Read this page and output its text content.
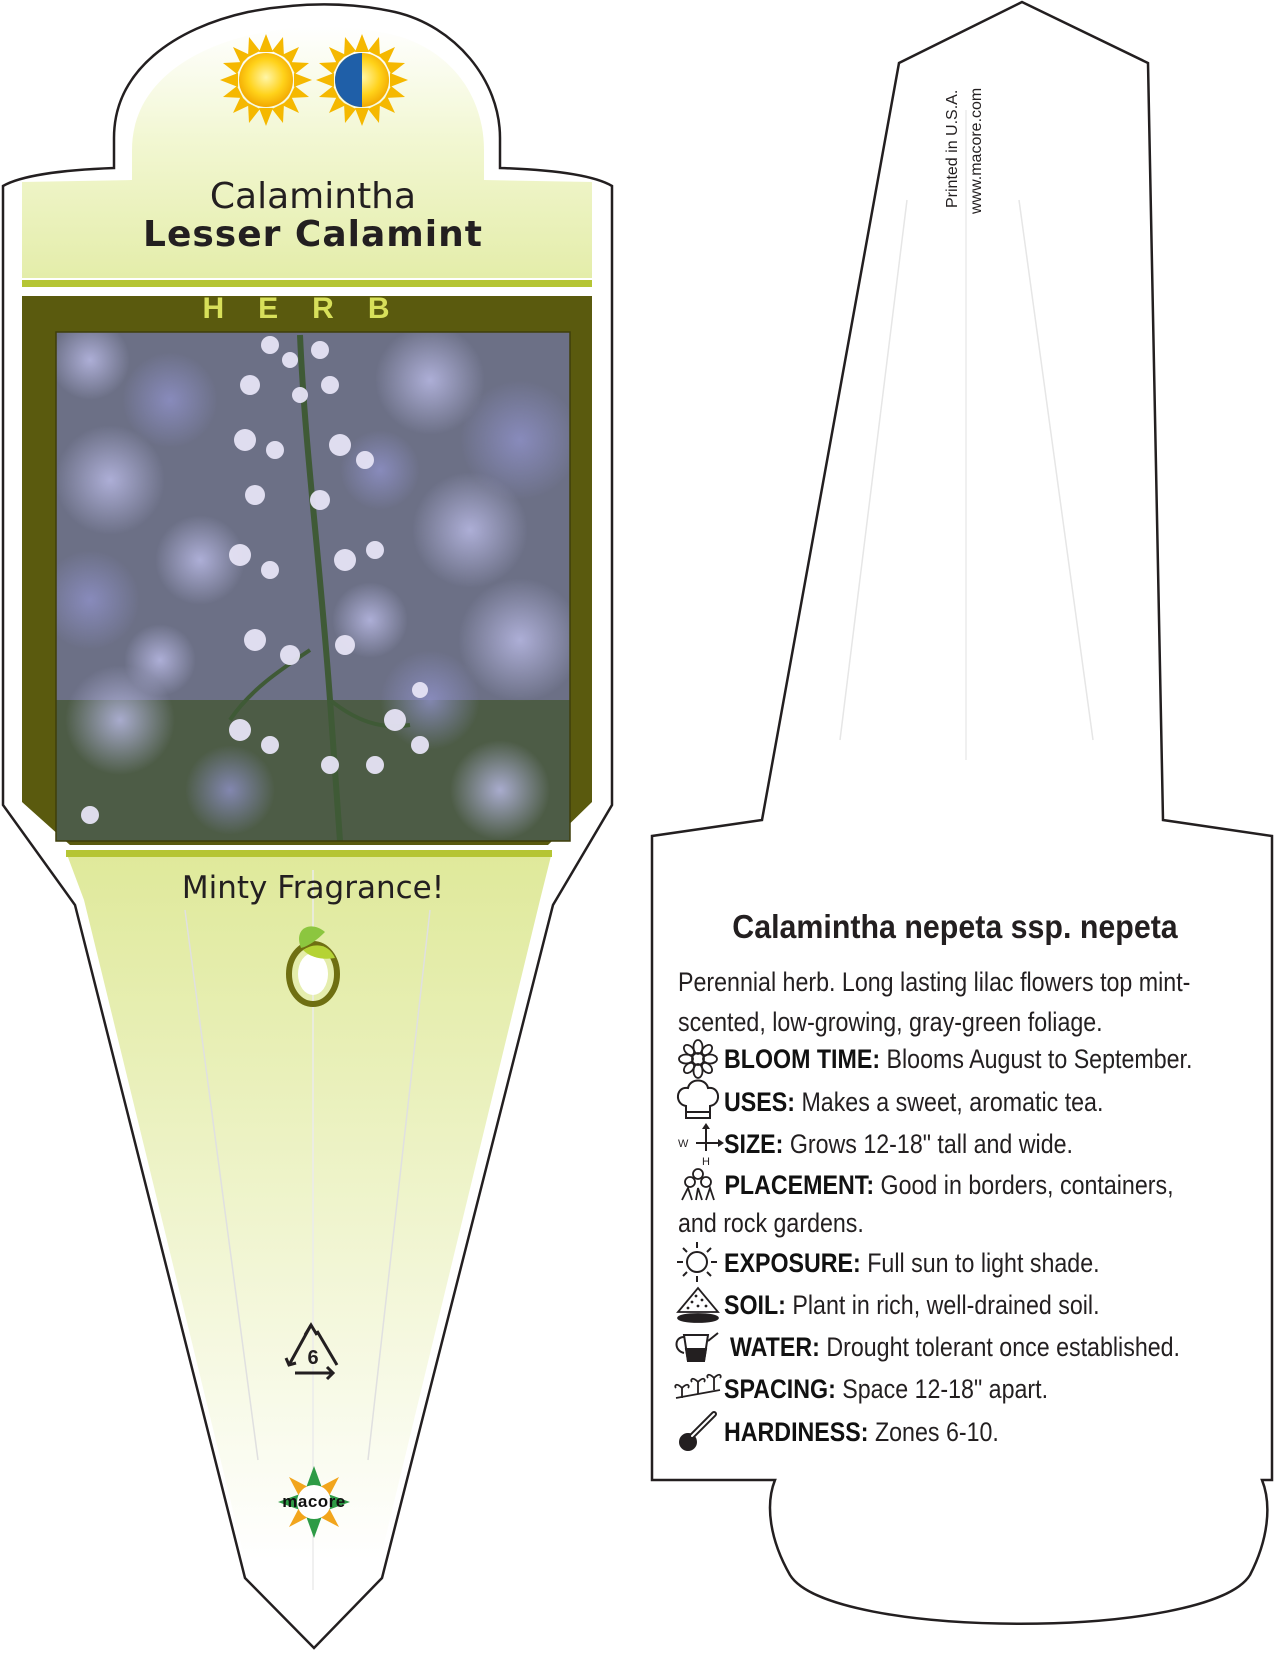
W
H
Calamintha
Lesser Calamint
HERB
Minty Fragrance!
6
macore
Printed in U.S.A. www.macore.com
Calamintha nepeta ssp. nepeta
Perennial herb. Long lasting lilac flowers top mint-scented, low-growing, gray-green foliage.
BLOOM TIME: Blooms August to September.
USES: Makes a sweet, aromatic tea.
SIZE: Grows 12-18" tall and wide.
PLACEMENT: Good in borders, containers, and rock gardens.
EXPOSURE: Full sun to light shade.
SOIL: Plant in rich, well-drained soil.
WATER: Drought tolerant once established.
SPACING: Space 12-18" apart.
HARDINESS: Zones 6-10.
